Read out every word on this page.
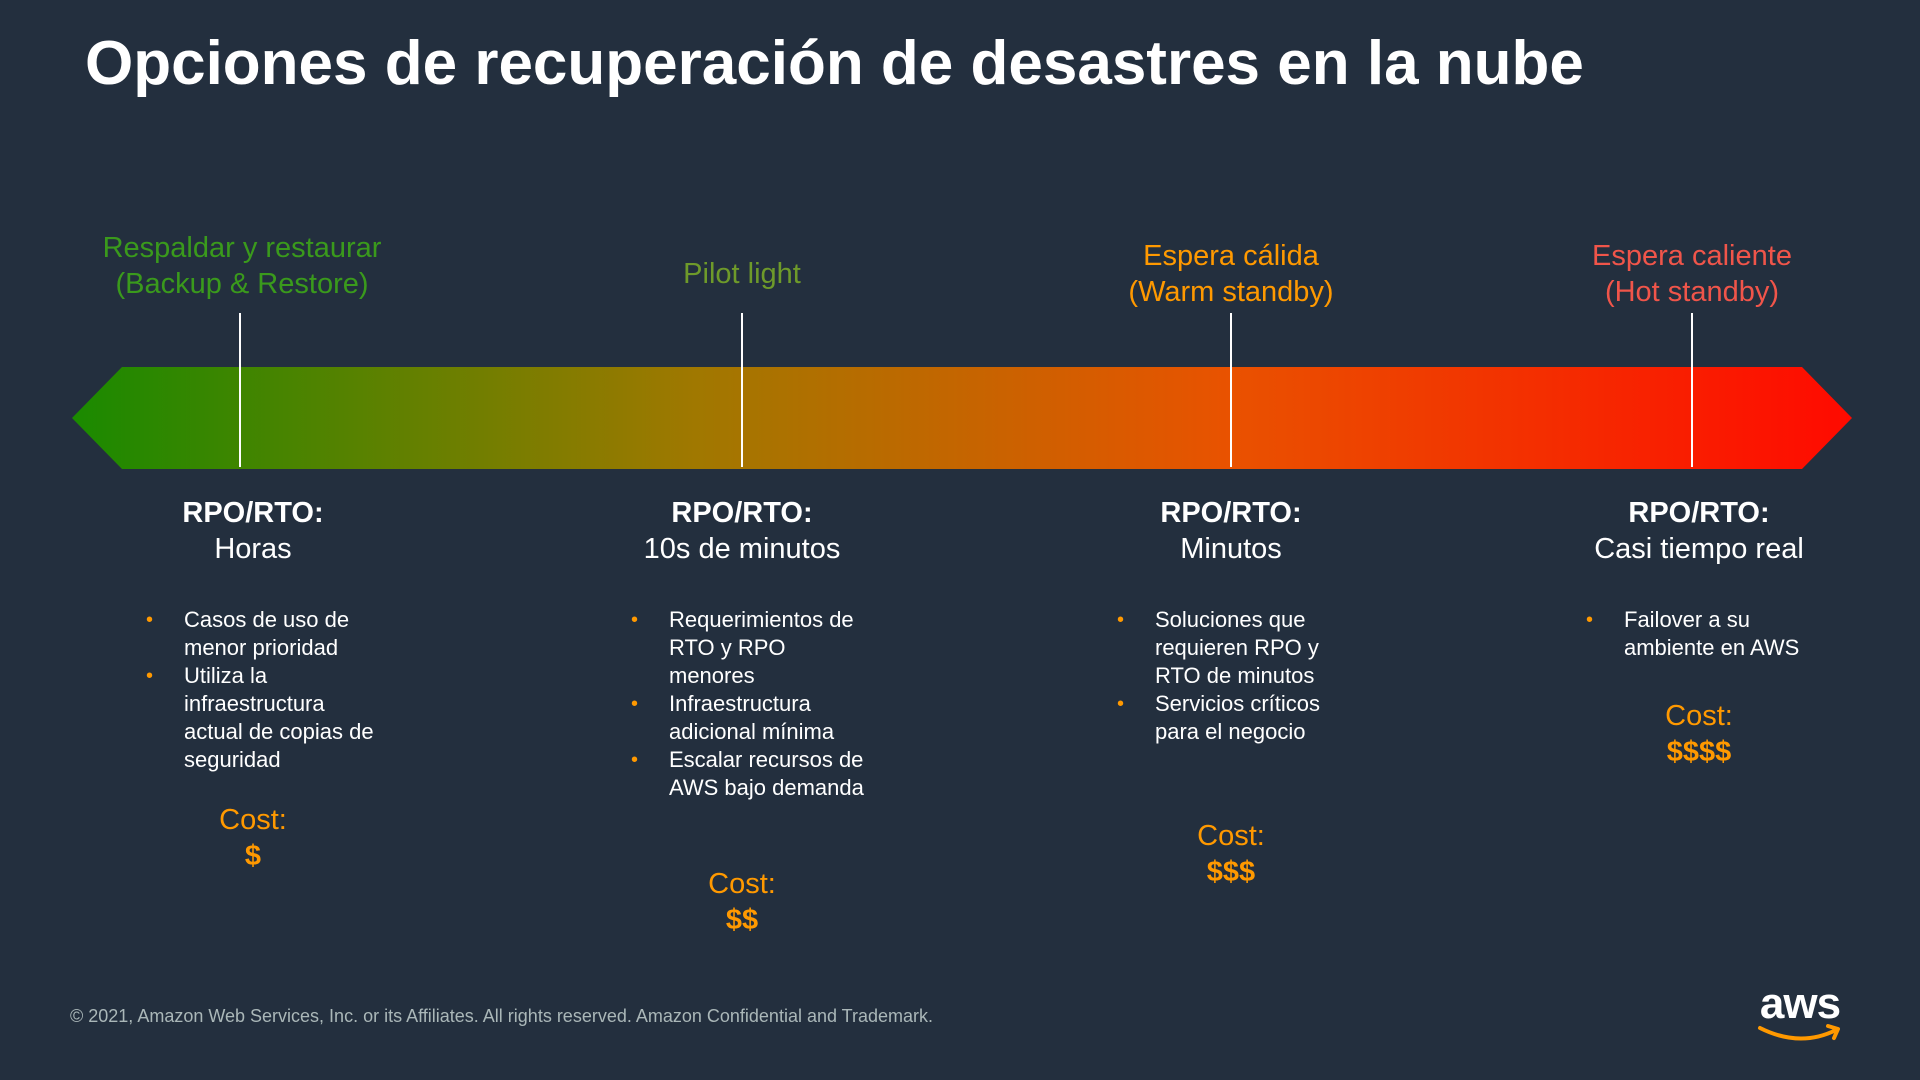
Opciones de recuperación de desastres en la nube
Respaldar y restaurar
(Backup & Restore)	Pilot light
Espera cálida
(Warm standby)
Espera caliente
(Hot standby)
RPO/RTO:
Horas
• Casos de uso de menor prioridad
• Utiliza la infraestructura actual de copias de seguridad
Cost:
$
RPO/RTO:
10s de minutos
• Requerimientos de RTO y RPO menores
• Infraestructura adicional mínima
• Escalar recursos de AWS bajo demanda
Cost:
$$
RPO/RTO:
Minutos
• Soluciones que requieren RPO y RTO de minutos
• Servicios críticos para el negocio
Cost:
$$$
RPO/RTO:
Casi tiempo real
• Failover a su ambiente en AWS
Cost:
$$$$
© 2021, Amazon Web Services, Inc. or its Affiliates. All rights reserved. Amazon Confidential and Trademark.	aws
